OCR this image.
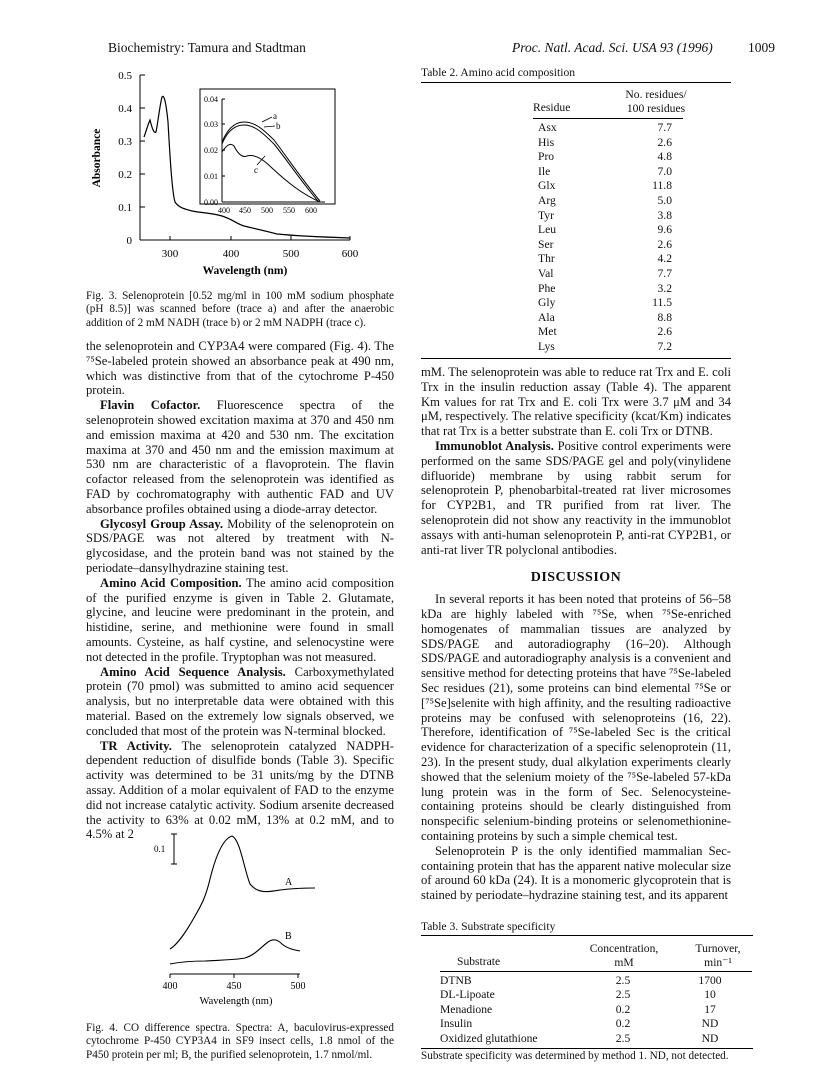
Biochemistry: Tamura and Stadtman	Proc. Natl. Acad. Sci. USA 93 (1996)	1009
0
0.1
0.2
0.3
0.4
0.5
300	400	500	600
Wavelength (nm)
Absorbance
0.00
0.01
0.02
0.03
0.04
400 450 500 550 600
a
b
c
Fig. 3. Selenoprotein [0.52 mg/ml in 100 mM sodium phosphate (pH 8.5)] was scanned before (trace a) and after the anaerobic addition of 2 mM NADH (trace b) or 2 mM NADPH (trace c).

the selenoprotein and CYP3A4 were compared (Fig. 4). The ⁷⁵Se-labeled protein showed an absorbance peak at 490 nm, which was distinctive from that of the cytochrome P-450 protein.

Flavin Cofactor. Fluorescence spectra of the selenoprotein showed excitation maxima at 370 and 450 nm and emission maxima at 420 and 530 nm. The excitation maxima at 370 and 450 nm and the emission maximum at 530 nm are characteristic of a flavoprotein. The flavin cofactor released from the selenoprotein was identified as FAD by cochromatography with authentic FAD and UV absorbance profiles obtained using a diode-array detector.

Glycosyl Group Assay. Mobility of the selenoprotein on SDS/PAGE was not altered by treatment with N-glycosidase, and the protein band was not stained by the periodate–dansylhydrazine staining test.

Amino Acid Composition. The amino acid composition of the purified enzyme is given in Table 2. Glutamate, glycine, and leucine were predominant in the protein, and histidine, serine, and methionine were found in small amounts. Cysteine, as half cystine, and selenocystine were not detected in the profile. Tryptophan was not measured.

Amino Acid Sequence Analysis. Carboxymethylated protein (70 pmol) was submitted to amino acid sequencer analysis, but no interpretable data were obtained with this material. Based on the extremely low signals observed, we concluded that most of the protein was N-terminal blocked.

TR Activity. The selenoprotein catalyzed NADPH-dependent reduction of disulfide bonds (Table 3). Specific activity was determined to be 31 units/mg by the DTNB assay. Addition of a molar equivalent of FAD to the enzyme did not increase catalytic activity. Sodium arsenite decreased the activity to 63% at 0.02 mM, 13% at 0.2 mM, and to 4.5% at 2

0.1
A
B
400	450	500
Wavelength (nm)
Fig. 4. CO difference spectra. Spectra: A, baculovirus-expressed cytochrome P-450 CYP3A4 in SF9 insect cells, 1.8 nmol of the P450 protein per ml; B, the purified selenoprotein, 1.7 nmol/ml.
Table 2. Amino acid composition
No. residues/
100 residues
Residue
Asx	7.7
His	2.6
Pro	4.8
Ile	7.0
Glx	11.8
Arg	5.0
Tyr	3.8
Leu	9.6
Ser	2.6
Thr	4.2
Val	7.7
Phe	3.2
Gly	11.5
Ala	8.8
Met	2.6
Lys	7.2

mM. The selenoprotein was able to reduce rat Trx and E. coli Trx in the insulin reduction assay (Table 4). The apparent Km values for rat Trx and E. coli Trx were 3.7 μM and 34 μM, respectively. The relative specificity (kcat/Km) indicates that rat Trx is a better substrate than E. coli Trx or DTNB.

Immunoblot Analysis. Positive control experiments were performed on the same SDS/PAGE gel and poly(vinylidene difluoride) membrane by using rabbit serum for selenoprotein P, phenobarbital-treated rat liver microsomes for CYP2B1, and TR purified from rat liver. The selenoprotein did not show any reactivity in the immunoblot assays with anti-human selenoprotein P, anti-rat CYP2B1, or anti-rat liver TR polyclonal antibodies.

DISCUSSION

In several reports it has been noted that proteins of 56–58 kDa are highly labeled with ⁷⁵Se, when ⁷⁵Se-enriched homogenates of mammalian tissues are analyzed by SDS/PAGE and autoradiography (16–20). Although SDS/PAGE and autoradiography analysis is a convenient and sensitive method for detecting proteins that have ⁷⁵Se-labeled Sec residues (21), some proteins can bind elemental ⁷⁵Se or [⁷⁵Se]selenite with high affinity, and the resulting radioactive proteins may be confused with selenoproteins (16, 22). Therefore, identification of ⁷⁵Se-labeled Sec is the critical evidence for characterization of a specific selenoprotein (11, 23). In the present study, dual alkylation experiments clearly showed that the selenium moiety of the ⁷⁵Se-labeled 57-kDa lung protein was in the form of Sec. Selenocysteine-containing proteins should be clearly distinguished from nonspecific selenium-binding proteins or selenomethionine-containing proteins by such a simple chemical test.

Selenoprotein P is the only identified mammalian Sec-containing protein that has the apparent native molecular size of around 60 kDa (24). It is a monomeric glycoprotein that is stained by periodate–hydrazine staining test, and its apparent

Table 3. Substrate specificity
Substrate
Concentration, mM
Turnover, min⁻¹
DTNB	2.5	1700
DL-Lipoate	2.5	10
Menadione	0.2	17
Insulin	0.2	ND
Oxidized glutathione	2.5	ND
Substrate specificity was determined by method 1. ND, not detected.
